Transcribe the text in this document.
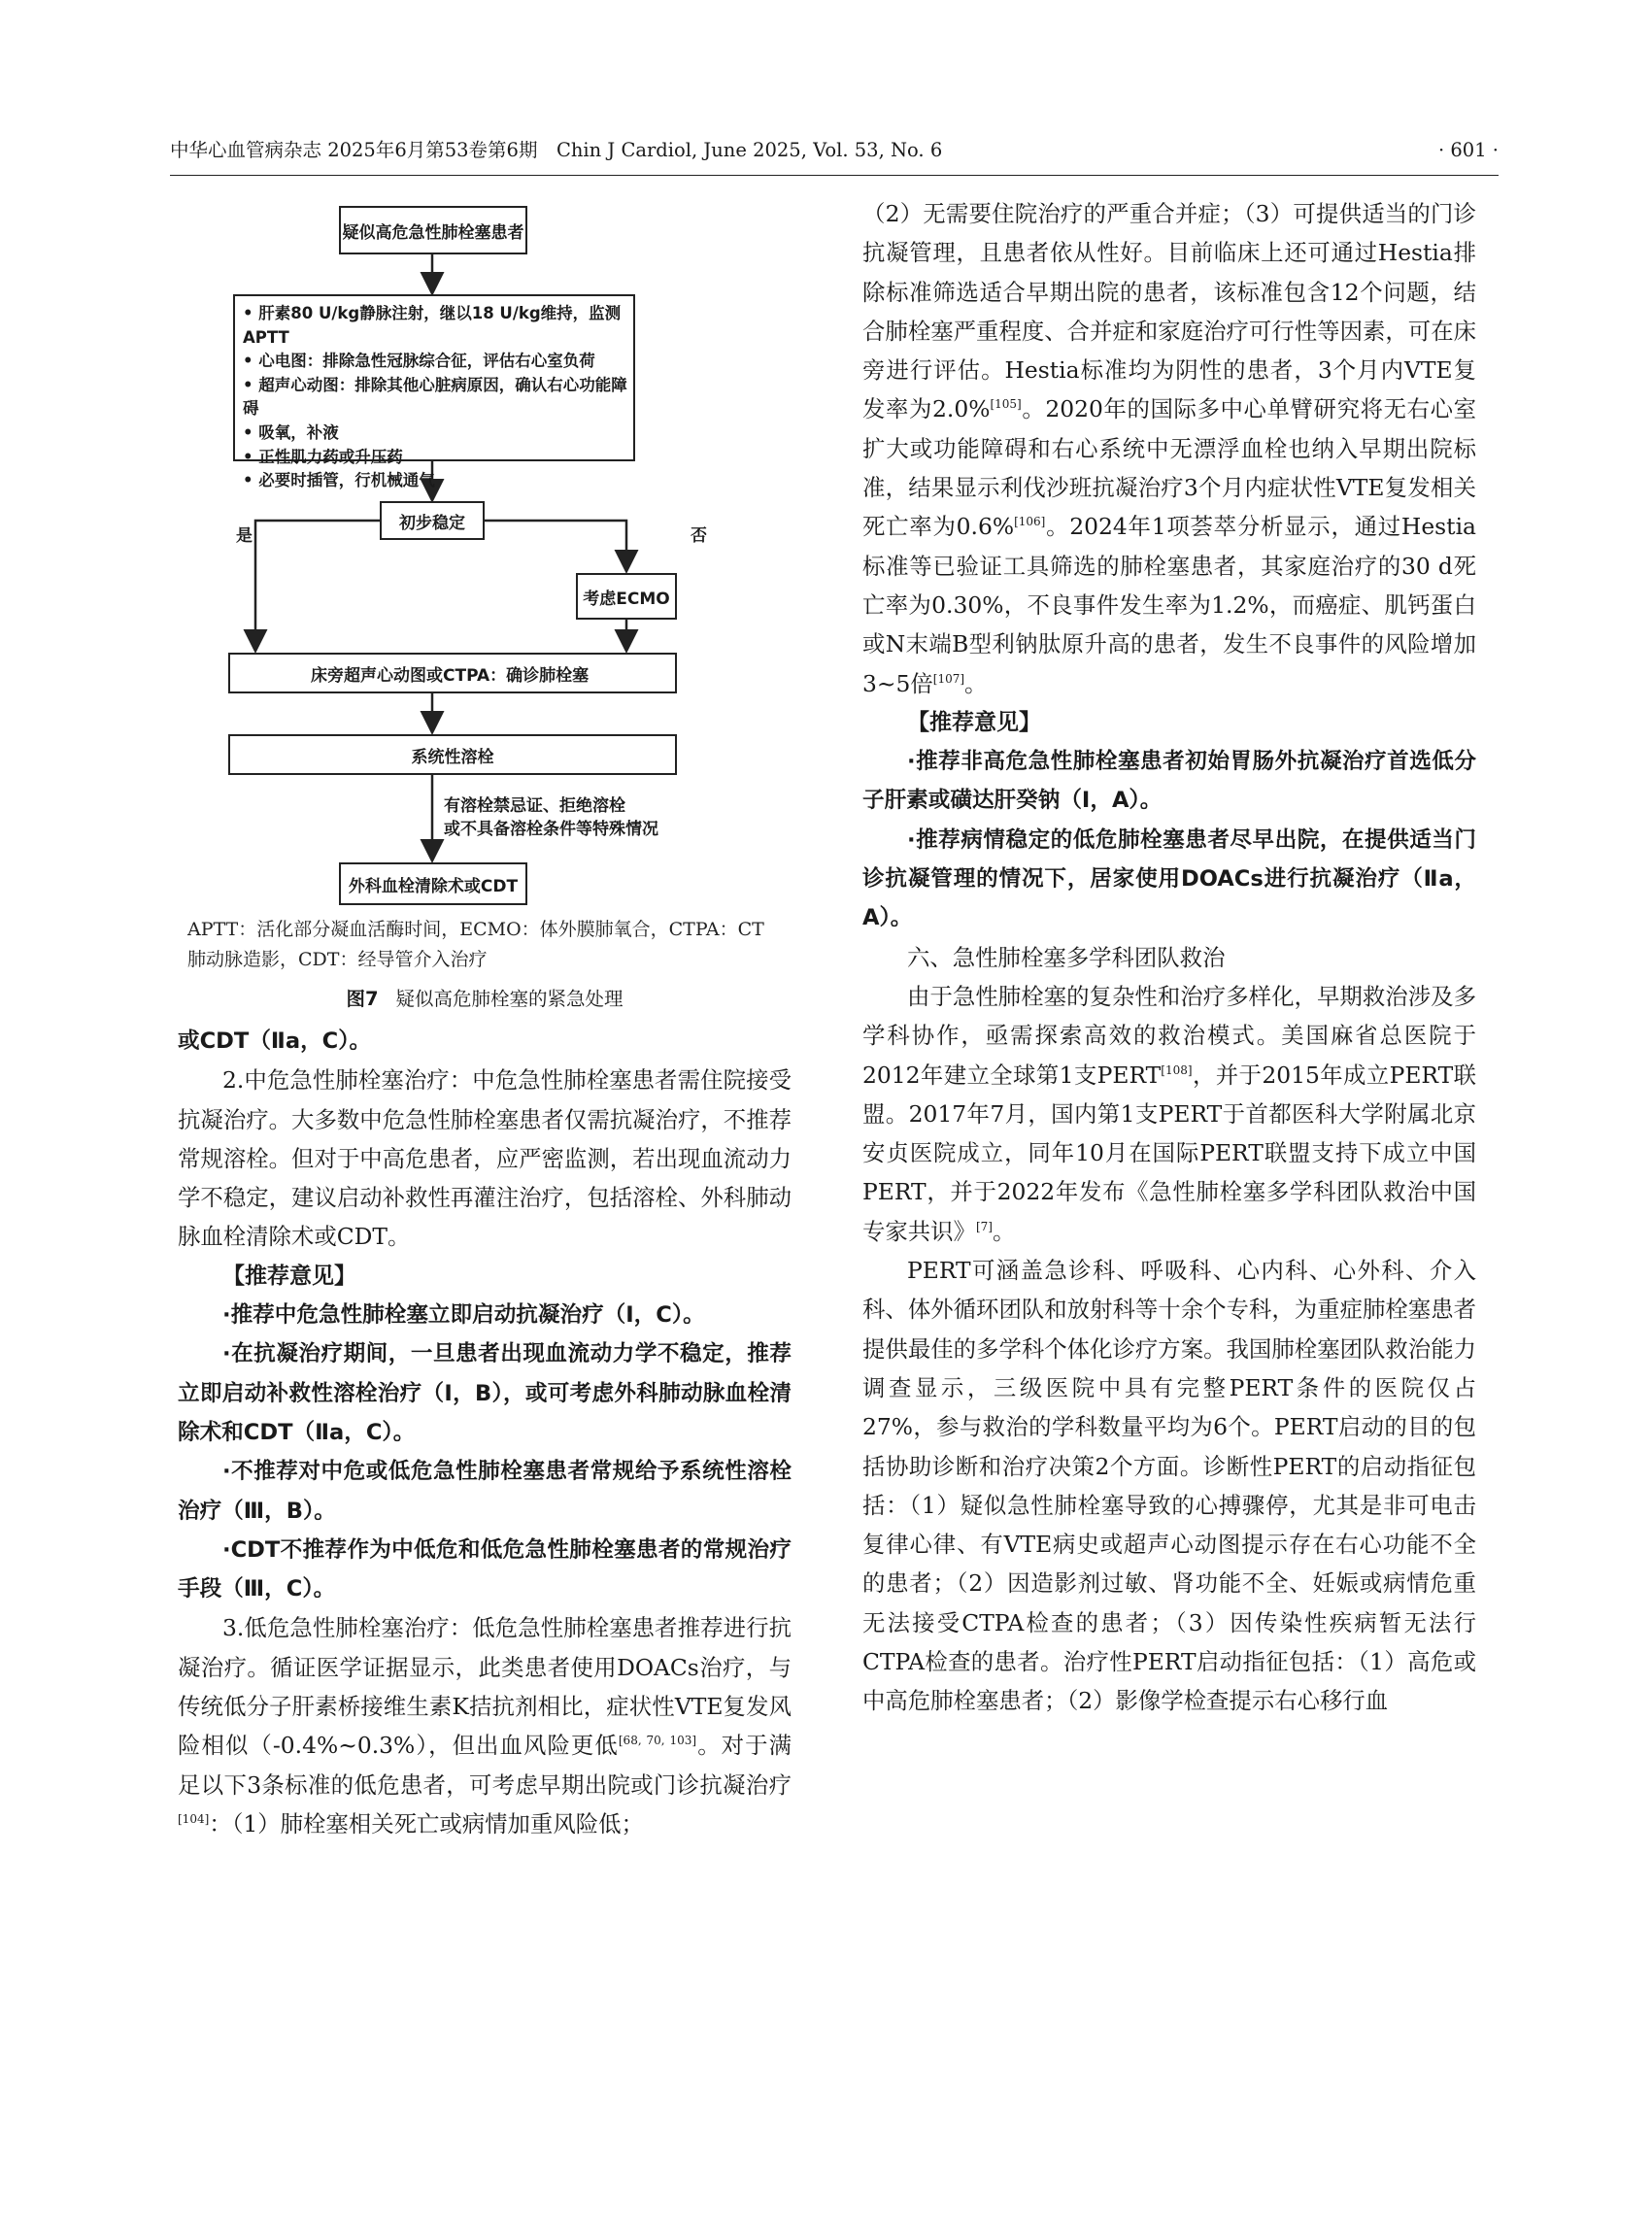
中华心血管病杂志 2025年6月第53卷第6期　Chin J Cardiol, June 2025, Vol. 53, No. 6	· 601 ·
疑似高危急性肺栓塞患者
• 肝素80 U/kg静脉注射，继以18 U/kg维持，监测APTT
• 心电图：排除急性冠脉综合征，评估右心室负荷
• 超声心动图：排除其他心脏病原因，确认右心功能障碍
• 吸氧，补液
• 正性肌力药或升压药
• 必要时插管，行机械通气
初步稳定
是	否
考虑ECMO
床旁超声心动图或CTPA：确诊肺栓塞
系统性溶栓
有溶栓禁忌证、拒绝溶栓
或不具备溶栓条件等特殊情况
外科血栓清除术或CDT
APTT：活化部分凝血活酶时间，ECMO：体外膜肺氧合，CTPA：CT
肺动脉造影，CDT：经导管介入治疗
图7 疑似高危肺栓塞的紧急处理

或CDT（Ⅱa，C）。

2.中危急性肺栓塞治疗：中危急性肺栓塞患者需住院接受抗凝治疗。大多数中危急性肺栓塞患者仅需抗凝治疗，不推荐常规溶栓。但对于中高危患者，应严密监测，若出现血流动力学不稳定，建议启动补救性再灌注治疗，包括溶栓、外科肺动脉血栓清除术或CDT。

【推荐意见】

·推荐中危急性肺栓塞立即启动抗凝治疗（Ⅰ，C）。

·在抗凝治疗期间，一旦患者出现血流动力学不稳定，推荐立即启动补救性溶栓治疗（Ⅰ，B），或可考虑外科肺动脉血栓清除术和CDT（Ⅱa，C）。

·不推荐对中危或低危急性肺栓塞患者常规给予系统性溶栓治疗（Ⅲ，B）。

·CDT不推荐作为中低危和低危急性肺栓塞患者的常规治疗手段（Ⅲ，C）。

3.低危急性肺栓塞治疗：低危急性肺栓塞患者推荐进行抗凝治疗。循证医学证据显示，此类患者使用DOACs治疗，与传统低分子肝素桥接维生素K拮抗剂相比，症状性VTE复发风险相似（-0.4%~0.3%），但出血风险更低[68, 70, 103]。对于满足以下3条标准的低危患者，可考虑早期出院或门诊抗凝治疗[104]：（1）肺栓塞相关死亡或病情加重风险低；

（2）无需要住院治疗的严重合并症；（3）可提供适当的门诊抗凝管理，且患者依从性好。目前临床上还可通过Hestia排除标准筛选适合早期出院的患者，该标准包含12个问题，结合肺栓塞严重程度、合并症和家庭治疗可行性等因素，可在床旁进行评估。Hestia标准均为阴性的患者，3个月内VTE复发率为2.0%[105]。2020年的国际多中心单臂研究将无右心室扩大或功能障碍和右心系统中无漂浮血栓也纳入早期出院标准，结果显示利伐沙班抗凝治疗3个月内症状性VTE复发相关死亡率为0.6%[106]。2024年1项荟萃分析显示，通过Hestia标准等已验证工具筛选的肺栓塞患者，其家庭治疗的30 d死亡率为0.30%，不良事件发生率为1.2%，而癌症、肌钙蛋白或N末端B型利钠肽原升高的患者，发生不良事件的风险增加3~5倍[107]。

【推荐意见】

·推荐非高危急性肺栓塞患者初始胃肠外抗凝治疗首选低分子肝素或磺达肝癸钠（Ⅰ，A）。

·推荐病情稳定的低危肺栓塞患者尽早出院，在提供适当门诊抗凝管理的情况下，居家使用DOACs进行抗凝治疗（Ⅱa，A）。

六、急性肺栓塞多学科团队救治

由于急性肺栓塞的复杂性和治疗多样化，早期救治涉及多学科协作，亟需探索高效的救治模式。美国麻省总医院于2012年建立全球第1支PERT[108]，并于2015年成立PERT联盟。2017年7月，国内第1支PERT于首都医科大学附属北京安贞医院成立，同年10月在国际PERT联盟支持下成立中国PERT，并于2022年发布《急性肺栓塞多学科团队救治中国专家共识》[7]。

PERT可涵盖急诊科、呼吸科、心内科、心外科、介入科、体外循环团队和放射科等十余个专科，为重症肺栓塞患者提供最佳的多学科个体化诊疗方案。我国肺栓塞团队救治能力调查显示，三级医院中具有完整PERT条件的医院仅占27%，参与救治的学科数量平均为6个。PERT启动的目的包括协助诊断和治疗决策2个方面。诊断性PERT的启动指征包括：（1）疑似急性肺栓塞导致的心搏骤停，尤其是非可电击复律心律、有VTE病史或超声心动图提示存在右心功能不全的患者；（2）因造影剂过敏、肾功能不全、妊娠或病情危重无法接受CTPA检查的患者；（3）因传染性疾病暂无法行CTPA检查的患者。治疗性PERT启动指征包括：（1）高危或中高危肺栓塞患者；（2）影像学检查提示右心移行血
